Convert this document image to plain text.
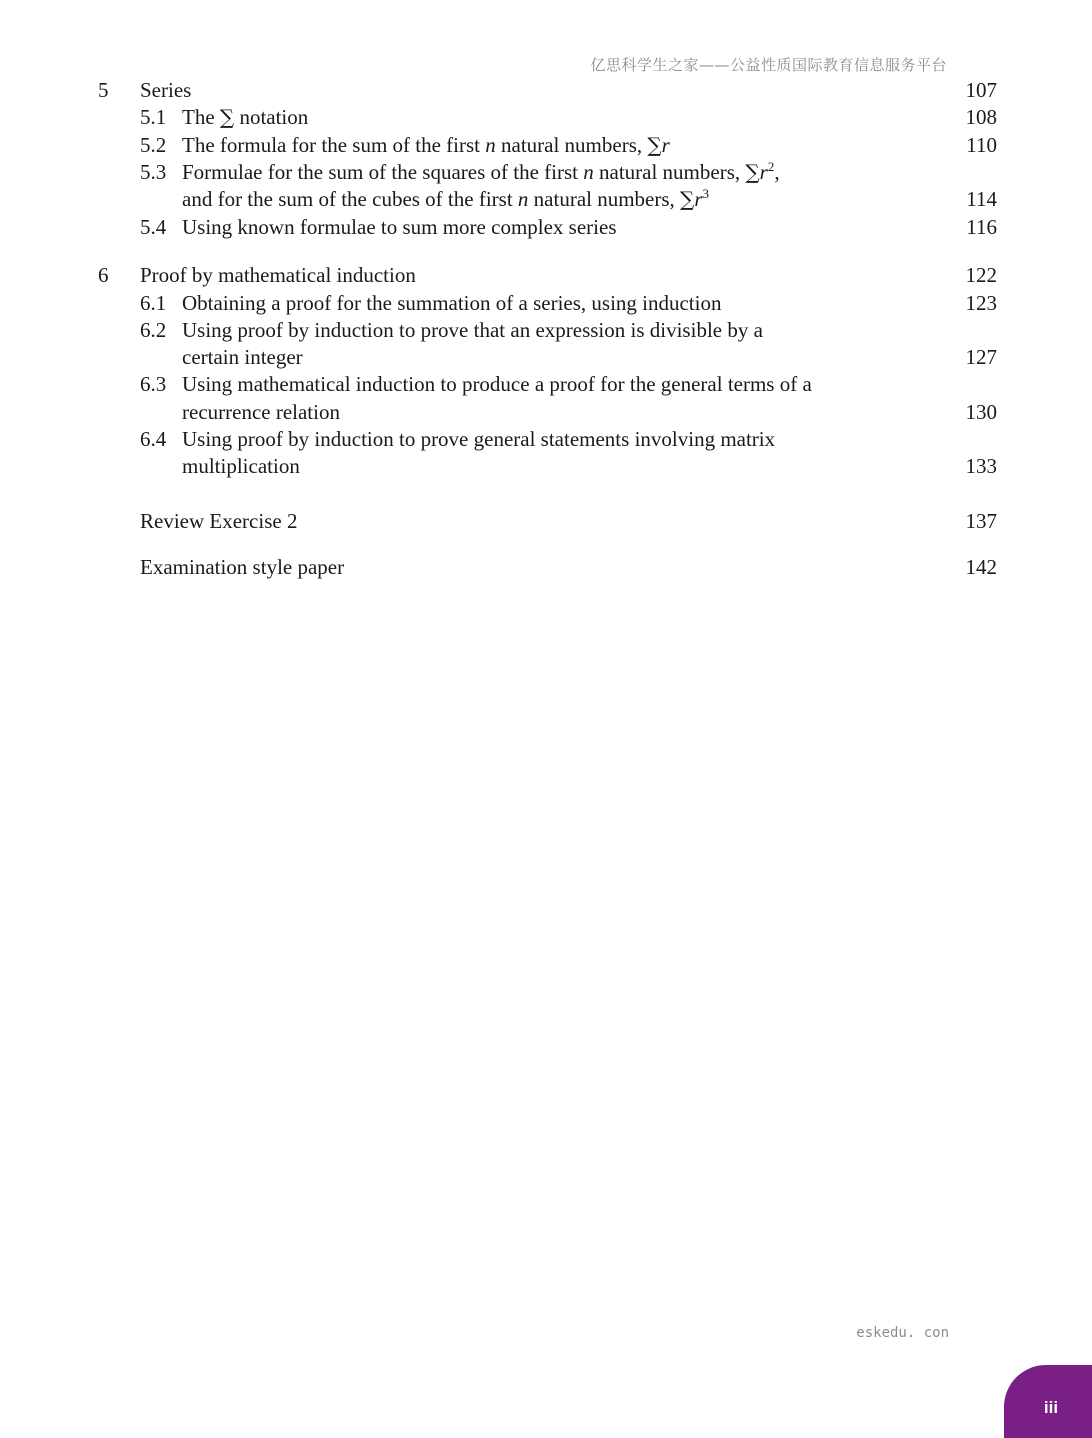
亿思科学生之家——公益性质国际教育信息服务平台
5 Series	107
5.1 The ∑ notation	108
5.2 The formula for the sum of the first n natural numbers, ∑r	110
5.3 Formulae for the sum of the squares of the first n natural numbers, $\sum r^2$,
and for the sum of the cubes of the first n natural numbers, $\sum r^3$	114
5.4 Using known formulae to sum more complex series	116
6 Proof by mathematical induction	122
6.1 Obtaining a proof for the summation of a series, using induction	123
6.2 Using proof by induction to prove that an expression is divisible by a
certain integer	127
6.3 Using mathematical induction to produce a proof for the general terms of a
recurrence relation	130
6.4 Using proof by induction to prove general statements involving matrix
multiplication	133
Review Exercise 2	137
Examination style paper	142
eskedu. con
iii
